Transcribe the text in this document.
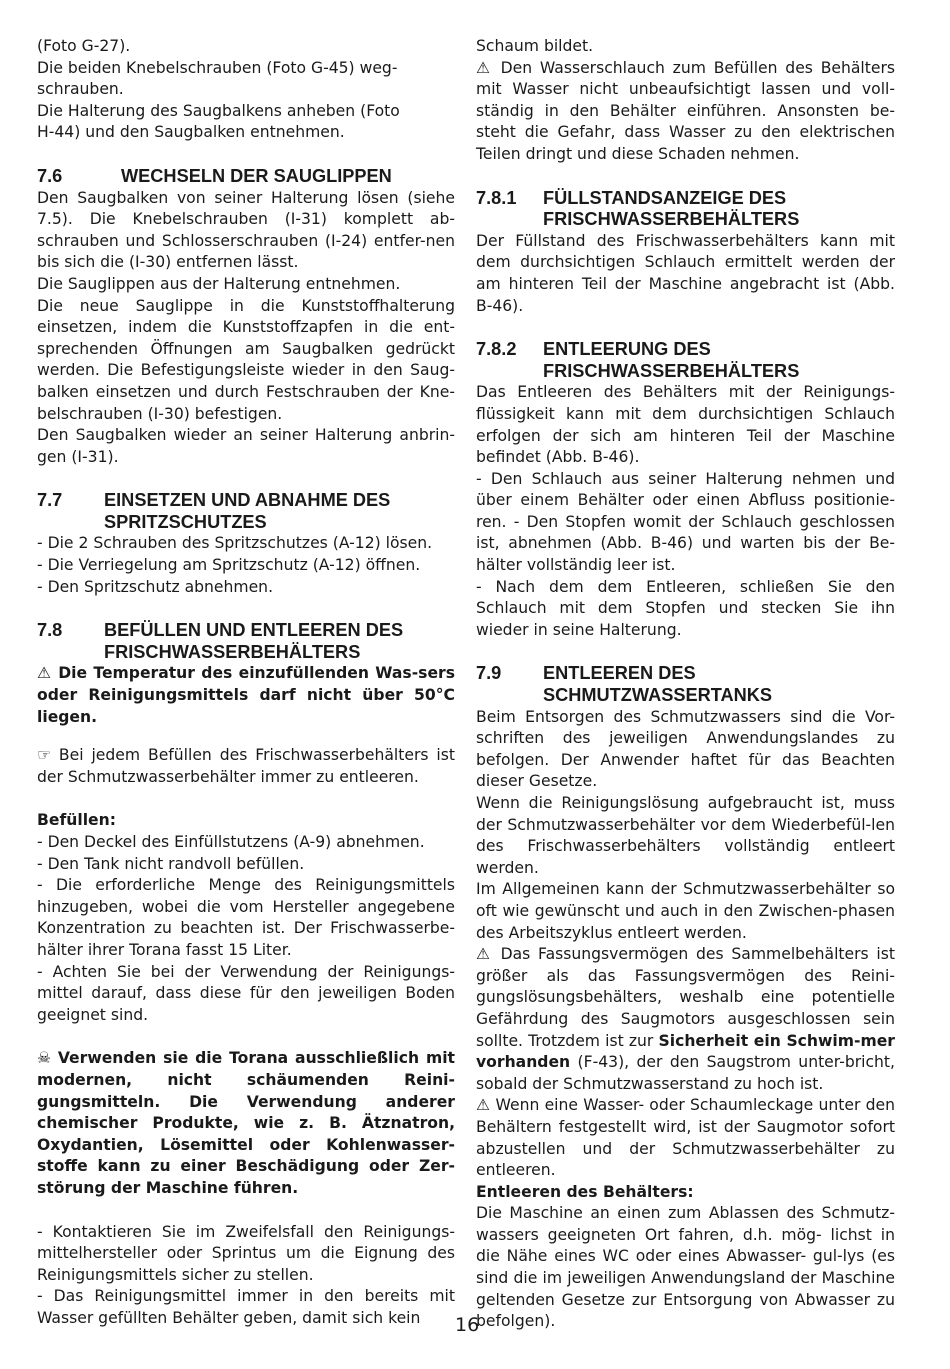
(Foto G-27).

Die beiden Knebelschrauben (Foto G-45) weg-schrauben.

Die Halterung des Saugbalkens anheben (Foto H-44) und den Saugbalken entnehmen.

7.6	WECHSELN DER SAUGLIPPEN

Den Saugbalken von seiner Halterung lösen (siehe 7.5). Die Knebelschrauben (I-31) komplett ab-schrauben und Schlosserschrauben (I-24) entfer-nen bis sich die (I-30) entfernen lässt.

Die Sauglippen aus der Halterung entnehmen.

Die neue Sauglippe in die Kunststoffhalterung einsetzen, indem die Kunststoffzapfen in die ent-sprechenden Öffnungen am Saugbalken gedrückt werden. Die Befestigungsleiste wieder in den Saug-balken einsetzen und durch Festschrauben der Kne-belschrauben (I-30) befestigen.

Den Saugbalken wieder an seiner Halterung anbrin-gen (I-31).

7.7	EINSETZEN UND ABNAHME DES SPRITZSCHUTZES

- Die 2 Schrauben des Spritzschutzes (A-12) lösen.

- Die Verriegelung am Spritzschutz (A-12) öffnen.

- Den Spritzschutz abnehmen.

7.8	BEFÜLLEN UND ENTLEEREN DES FRISCHWASSERBEHÄLTERS

⚠ Die Temperatur des einzufüllenden Was-sers oder Reinigungsmittels darf nicht über 50°C liegen.

☞ Bei jedem Befüllen des Frischwasserbehälters ist der Schmutzwasserbehälter immer zu entleeren.

Befüllen:

- Den Deckel des Einfüllstutzens (A-9) abnehmen.

- Den Tank nicht randvoll befüllen.

- Die erforderliche Menge des Reinigungsmittels hinzugeben, wobei die vom Hersteller angegebene Konzentration zu beachten ist. Der Frischwasserbe-hälter ihrer Torana fasst 15 Liter.

- Achten Sie bei der Verwendung der Reinigungs-mittel darauf, dass diese für den jeweiligen Boden geeignet sind.

☠ Verwenden sie die Torana ausschließlich mit modernen, nicht schäumenden Reini-gungsmitteln. Die Verwendung anderer chemischer Produkte, wie z. B. Ätznatron, Oxydantien, Lösemittel oder Kohlenwasser-stoffe kann zu einer Beschädigung oder Zer-störung der Maschine führen.

- Kontaktieren Sie im Zweifelsfall den Reinigungs-mittelhersteller oder Sprintus um die Eignung des Reinigungsmittels sicher zu stellen.

- Das Reinigungsmittel immer in den bereits mit Wasser gefüllten Behälter geben, damit sich kein

Schaum bildet.

⚠ Den Wasserschlauch zum Befüllen des Behälters mit Wasser nicht unbeaufsichtigt lassen und voll-ständig in den Behälter einführen. Ansonsten be-steht die Gefahr, dass Wasser zu den elektrischen Teilen dringt und diese Schaden nehmen.

7.8.1	FÜLLSTANDSANZEIGE DES FRISCHWASSERBEHÄLTERS

Der Füllstand des Frischwasserbehälters kann mit dem durchsichtigen Schlauch ermittelt werden der am hinteren Teil der Maschine angebracht ist (Abb. B-46).

7.8.2	ENTLEERUNG DES FRISCHWASSERBEHÄLTERS

Das Entleeren des Behälters mit der Reinigungs-flüssigkeit kann mit dem durchsichtigen Schlauch erfolgen der sich am hinteren Teil der Maschine befindet (Abb. B-46).

- Den Schlauch aus seiner Halterung nehmen und über einem Behälter oder einen Abfluss positionie-ren. - Den Stopfen womit der Schlauch geschlossen ist, abnehmen (Abb. B-46) und warten bis der Be-hälter vollständig leer ist.

- Nach dem dem Entleeren, schließen Sie den Schlauch mit dem Stopfen und stecken Sie ihn wieder in seine Halterung.

7.9	ENTLEEREN DES SCHMUTZWASSERTANKS

Beim Entsorgen des Schmutzwassers sind die Vor-schriften des jeweiligen Anwendungslandes zu befolgen. Der Anwender haftet für das Beachten dieser Gesetze.

Wenn die Reinigungslösung aufgebraucht ist, muss der Schmutzwasserbehälter vor dem Wiederbefül-len des Frischwasserbehälters vollständig entleert werden.

Im Allgemeinen kann der Schmutzwasserbehälter so oft wie gewünscht und auch in den Zwischen-phasen des Arbeitszyklus entleert werden.

⚠ Das Fassungsvermögen des Sammelbehälters ist größer als das Fassungsvermögen des Reini-gungslösungsbehälters, weshalb eine potentielle Gefährdung des Saugmotors ausgeschlossen sein sollte. Trotzdem ist zur Sicherheit ein Schwim-mer vorhanden (F-43), der den Saugstrom unter-bricht, sobald der Schmutzwasserstand zu hoch ist.

⚠ Wenn eine Wasser- oder Schaumleckage unter den Behältern festgestellt wird, ist der Saugmotor sofort abzustellen und der Schmutzwasserbehälter zu entleeren.

Entleeren des Behälters:

Die Maschine an einen zum Ablassen des Schmutz-wassers geeigneten Ort fahren, d.h. mög- lichst in die Nähe eines WC oder eines Abwasser- gul-lys (es sind die im jeweiligen Anwendungsland der Maschine geltenden Gesetze zur Entsorgung von Abwasser zu befolgen).

16
